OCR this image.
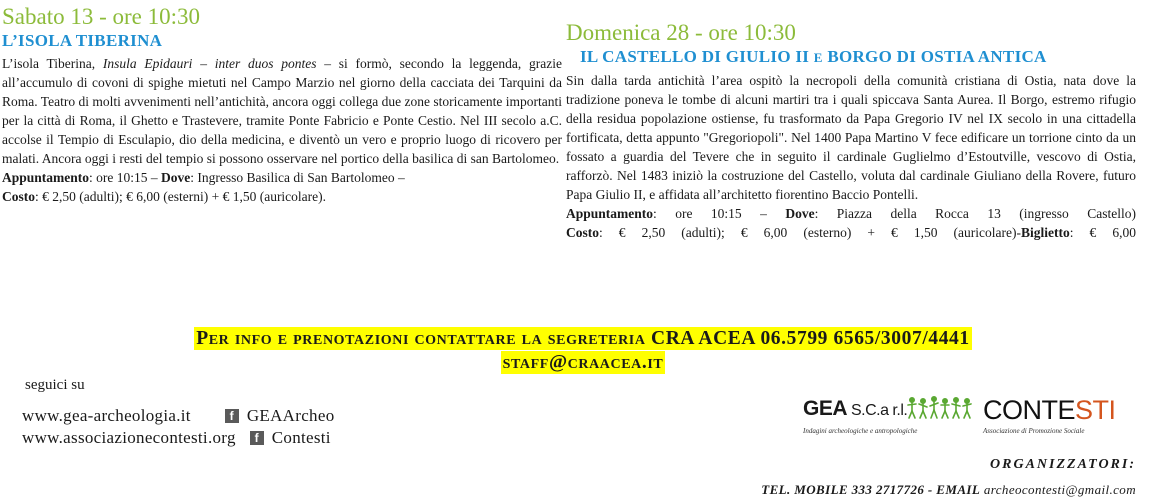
Sabato 13 - ore 10:30
L’ISOLA TIBERINA
L’isola Tiberina, Insula Epidauri – inter duos pontes – si formò, secondo la leggenda, grazie all’accumulo di covoni di spighe mietuti nel Campo Marzio nel giorno della cacciata dei Tarquini da Roma. Teatro di molti avvenimenti nell’antichità, ancora oggi collega due zone storicamente importanti per la città di Roma, il Ghetto e Trastevere, tramite Ponte Fabricio e Ponte Cestio. Nel III secolo a.C. accolse il Tempio di Esculapio, dio della medicina, e diventò un vero e proprio luogo di ricovero per malati. Ancora oggi i resti del tempio si possono osservare nel portico della basilica di san Bartolomeo.
Appuntamento: ore 10:15 – Dove: Ingresso Basilica di San Bartolomeo –
Costo: € 2,50 (adulti); € 6,00 (esterni) + € 1,50 (auricolare).
Domenica 28 - ore 10:30
IL CASTELLO DI GIULIO II E BORGO DI OSTIA ANTICA
Sin dalla tarda antichità l’area ospitò la necropoli della comunità cristiana di Ostia, nata dove la tradizione poneva le tombe di alcuni martiri tra i quali spiccava Santa Aurea. Il Borgo, estremo rifugio della residua popolazione ostiense, fu trasformato da Papa Gregorio IV nel IX secolo in una cittadella fortificata, detta appunto "Gregoriopoli". Nel 1400 Papa Martino V fece edificare un torrione cinto da un fossato a guardia del Tevere che in seguito il cardinale Guglielmo d’Estoutville, vescovo di Ostia, rafforzò. Nel 1483 iniziò la costruzione del Castello, voluta dal cardinale Giuliano della Rovere, futuro Papa Giulio II, e affidata all’architetto fiorentino Baccio Pontelli.
Appuntamento: ore 10:15 – Dove: Piazza della Rocca 13 (ingresso Castello)
Costo: € 2,50 (adulti); € 6,00 (esterno) + € 1,50 (auricolare)-Biglietto: € 6,00
Per info e prenotazioni contattare la segreteria CRA ACEA 06.5799 6565/3007/4441
staff@craacea.it
seguici su
www.gea-archeologia.it	f GEAArcheo
www.associazionecontesti.org	f Contesti
GEA S.C.a r.l.	CONTESTI
Indagini archeologiche e antropologiche	Associazione di Promozione Sociale
ORGANIZZATORI:
TEL. MOBILE 333 2717726 - EMAIL archeocontesti@gmail.com
